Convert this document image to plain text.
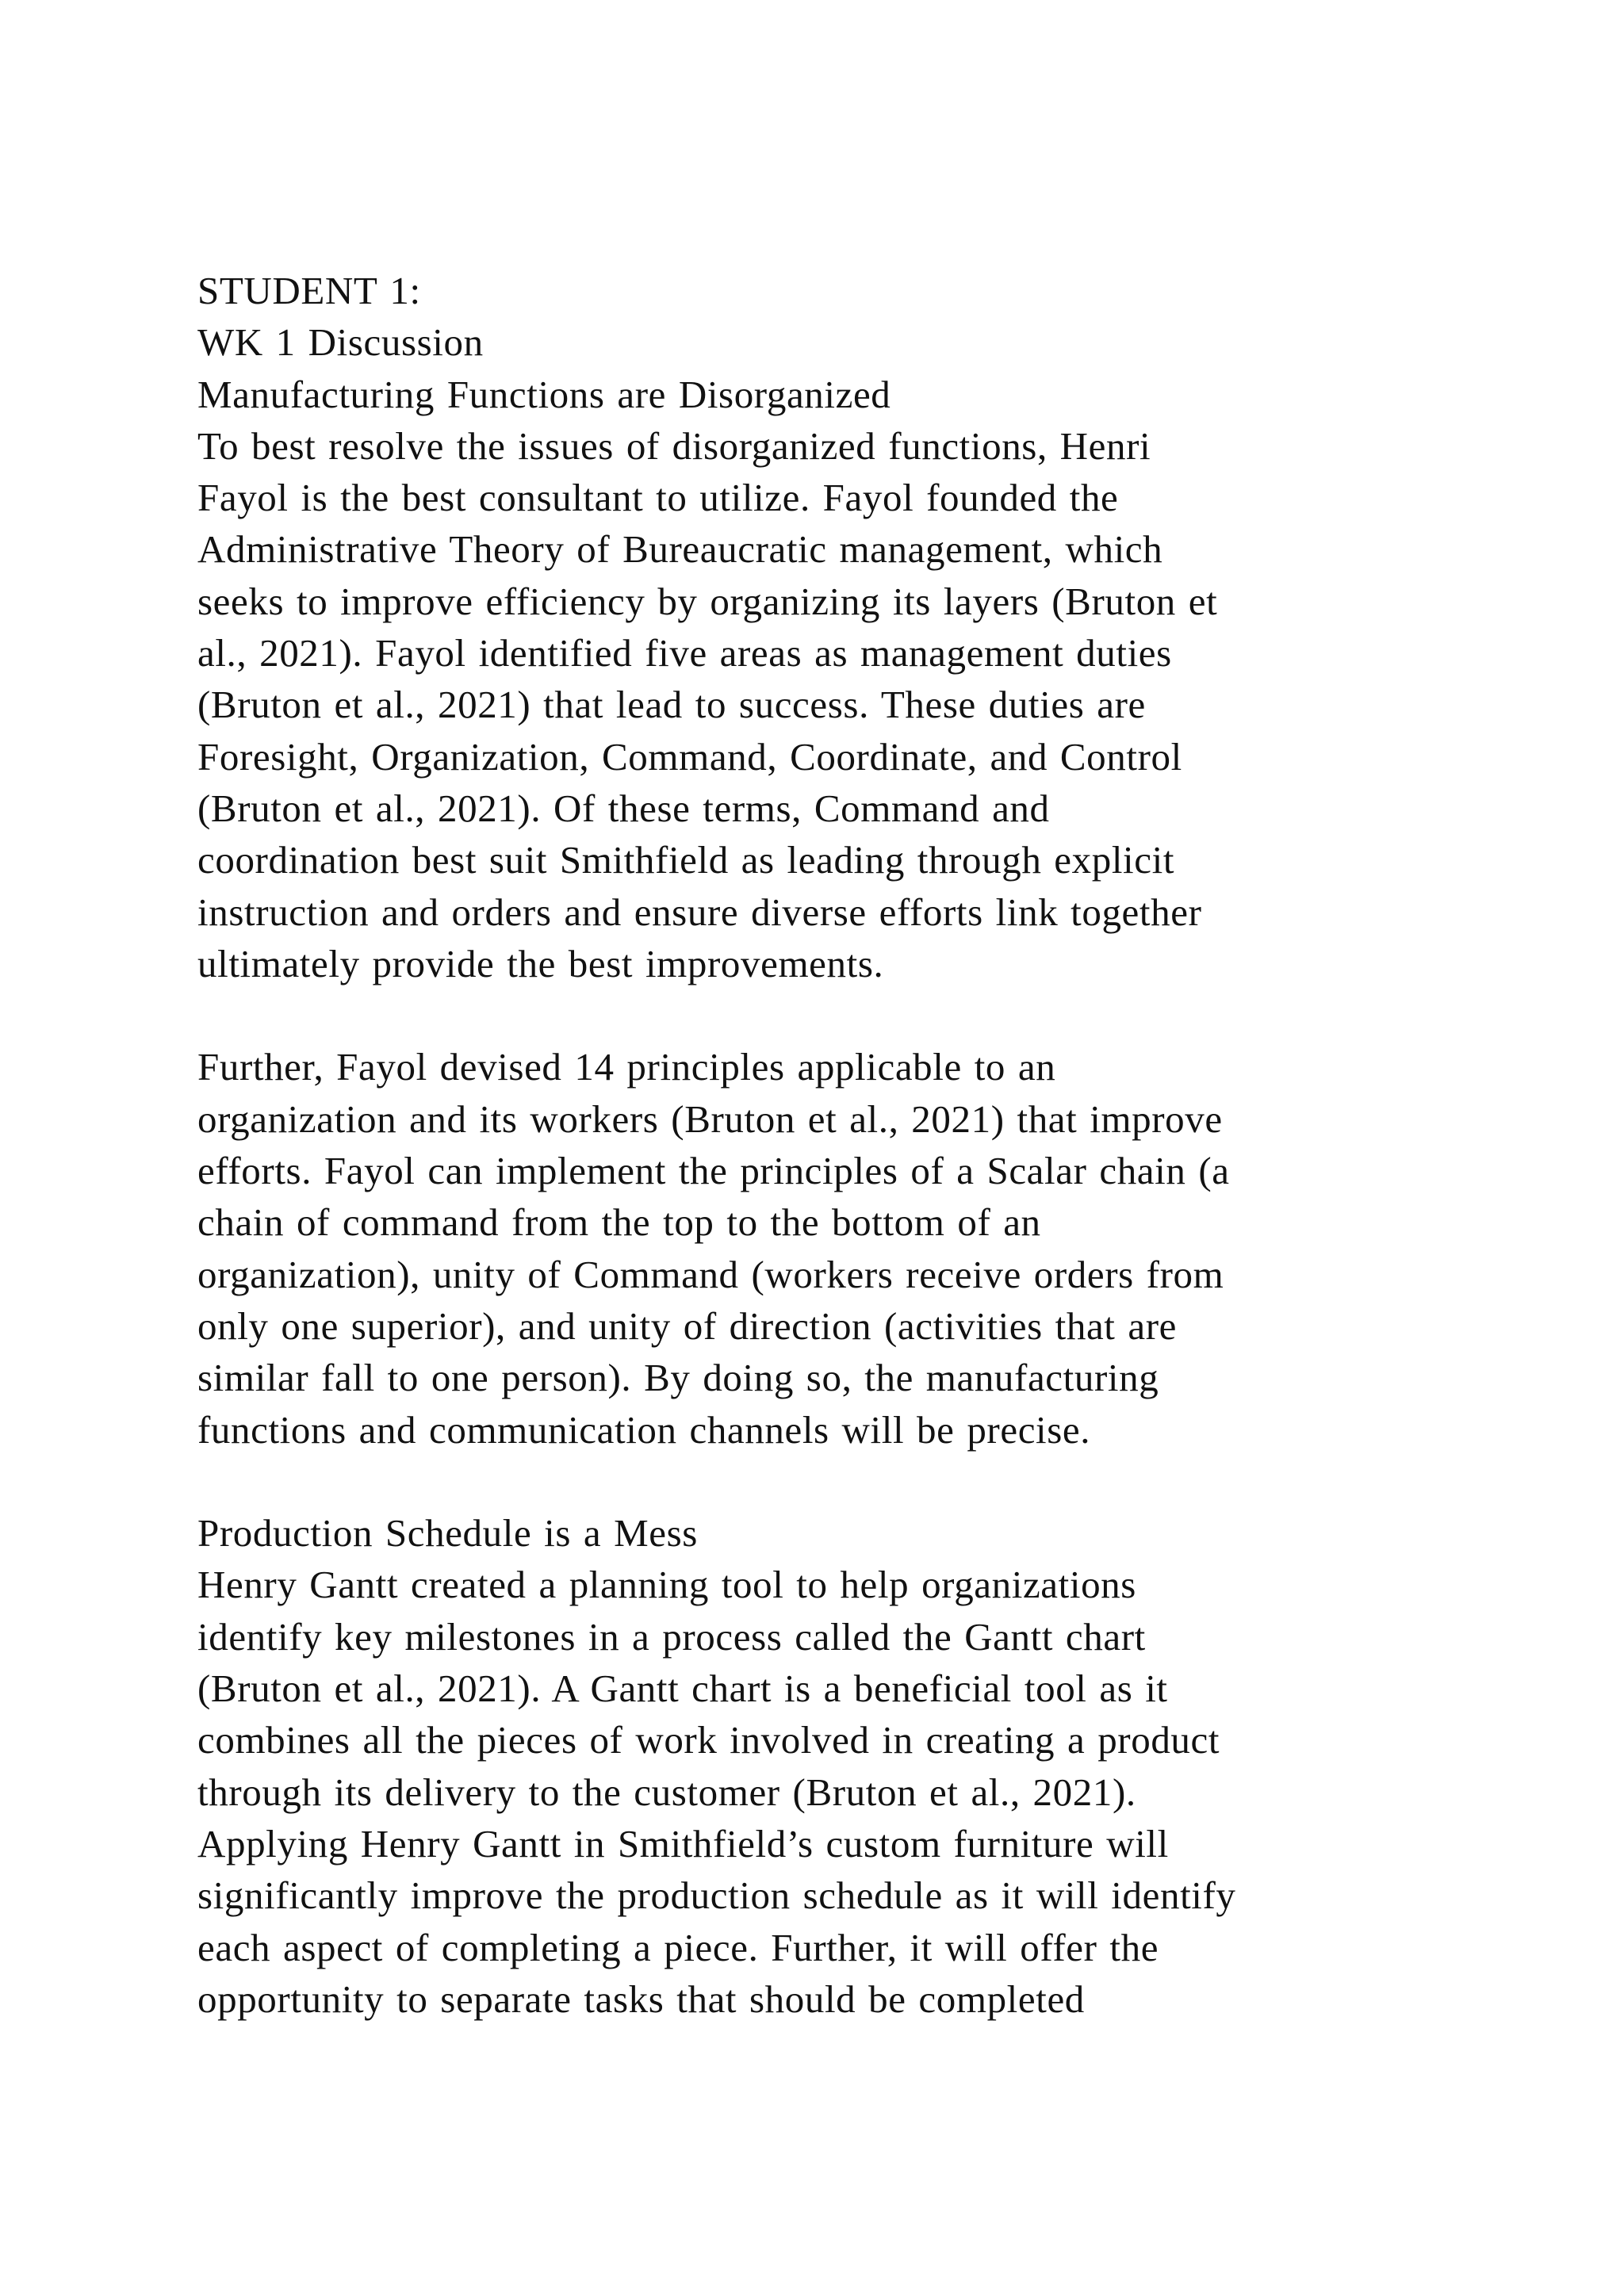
STUDENT 1:
WK 1 Discussion
Manufacturing Functions are Disorganized
To best resolve the issues of disorganized functions, Henri
Fayol is the best consultant to utilize. Fayol founded the
Administrative Theory of Bureaucratic management, which
seeks to improve efficiency by organizing its layers (Bruton et
al., 2021). Fayol identified five areas as management duties
(Bruton et al., 2021) that lead to success. These duties are
Foresight, Organization, Command, Coordinate, and Control
(Bruton et al., 2021). Of these terms, Command and
coordination best suit Smithfield as leading through explicit
instruction and orders and ensure diverse efforts link together
ultimately provide the best improvements.
Further, Fayol devised 14 principles applicable to an
organization and its workers (Bruton et al., 2021) that improve
efforts. Fayol can implement the principles of a Scalar chain (a
chain of command from the top to the bottom of an
organization), unity of Command (workers receive orders from
only one superior), and unity of direction (activities that are
similar fall to one person). By doing so, the manufacturing
functions and communication channels will be precise.
Production Schedule is a Mess
Henry Gantt created a planning tool to help organizations
identify key milestones in a process called the Gantt chart
(Bruton et al., 2021). A Gantt chart is a beneficial tool as it
combines all the pieces of work involved in creating a product
through its delivery to the customer (Bruton et al., 2021).
Applying Henry Gantt in Smithfield’s custom furniture will
significantly improve the production schedule as it will identify
each aspect of completing a piece. Further, it will offer the
opportunity to separate tasks that should be completed
